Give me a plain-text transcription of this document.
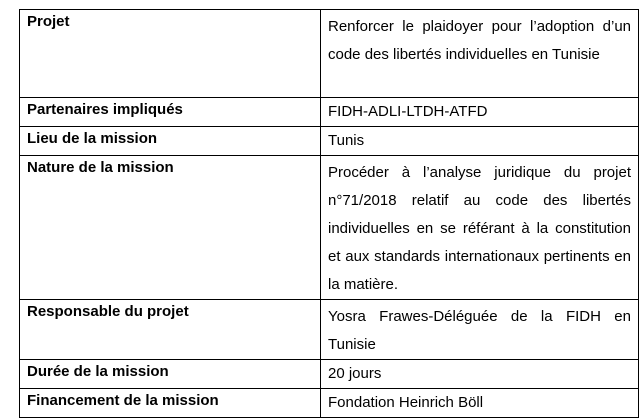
Projet	Renforcer le plaidoyer pour l’adoption d’un code des libertés individuelles en Tunisie
Partenaires impliqués	FIDH-ADLI-LTDH-ATFD
Lieu de la mission	Tunis
Nature de la mission	Procéder à l’analyse juridique du projet n°71/2018 relatif au code des libertés individuelles en se référant à la constitution et aux standards internationaux pertinents en la matière.
Responsable du projet	Yosra Frawes-Déléguée de la FIDH en Tunisie
Durée de la mission	20 jours
Financement de la mission	Fondation Heinrich Böll
